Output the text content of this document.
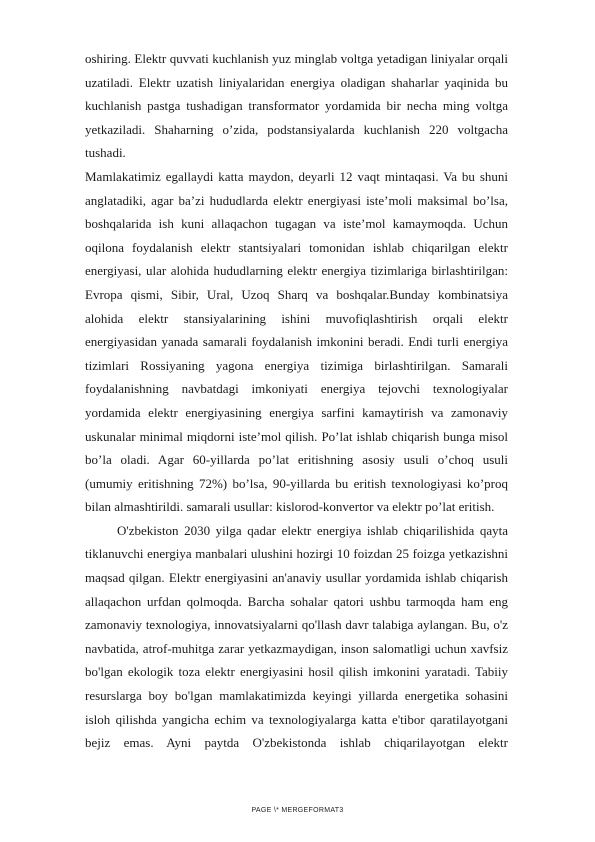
oshiring. Elektr quvvati kuchlanish yuz minglab voltga yetadigan liniyalar orqali
uzatiladi. Elektr uzatish liniyalaridan energiya oladigan shaharlar yaqinida bu
kuchlanish pastga tushadigan transformator yordamida bir necha ming voltga
yetkaziladi. Shaharning o’zida, podstansiyalarda kuchlanish 220 voltgacha
tushadi.
Mamlakatimiz egallaydi katta maydon, deyarli 12 vaqt mintaqasi. Va bu shuni
anglatadiki, agar ba’zi hududlarda elektr energiyasi iste’moli maksimal bo’lsa,
boshqalarida ish kuni allaqachon tugagan va iste’mol kamaymoqda. Uchun
oqilona foydalanish elektr stantsiyalari tomonidan ishlab chiqarilgan elektr
energiyasi, ular alohida hududlarning elektr energiya tizimlariga birlashtirilgan:
Evropa qismi, Sibir, Ural, Uzoq Sharq va boshqalar.Bunday kombinatsiya
alohida elektr stansiyalarining ishini muvofiqlashtirish orqali elektr
energiyasidan yanada samarali foydalanish imkonini beradi. Endi turli energiya
tizimlari Rossiyaning yagona energiya tizimiga birlashtirilgan. Samarali
foydalanishning navbatdagi imkoniyati energiya tejovchi texnologiyalar
yordamida elektr energiyasining energiya sarfini kamaytirish va zamonaviy
uskunalar minimal miqdorni iste’mol qilish. Po’lat ishlab chiqarish bunga misol
bo’la oladi. Agar 60-yillarda po’lat eritishning asosiy usuli o’choq usuli
(umumiy eritishning 72%) bo’lsa, 90-yillarda bu eritish texnologiyasi ko’proq
bilan almashtirildi. samarali usullar: kislorod-konvertor va elektr po’lat eritish.
O'zbekiston 2030 yilga qadar elektr energiya ishlab chiqarilishida qayta
tiklanuvchi energiya manbalari ulushini hozirgi 10 foizdan 25 foizga yetkazishni
maqsad qilgan. Elektr energiyasini an'anaviy usullar yordamida ishlab chiqarish
allaqachon urfdan qolmoqda. Barcha sohalar qatori ushbu tarmoqda ham eng
zamonaviy texnologiya, innovatsiyalarni qo'llash davr talabiga aylangan. Bu, o'z
navbatida, atrof-muhitga zarar yetkazmaydigan, inson salomatligi uchun xavfsiz
bo'lgan ekologik toza elektr energiyasini hosil qilish imkonini yaratadi. Tabiiy
resurslarga boy bo'lgan mamlakatimizda keyingi yillarda energetika sohasini
isloh qilishda yangicha echim va texnologiyalarga katta e'tibor qaratilayotgani
bejiz emas. Ayni paytda O'zbekistonda ishlab chiqarilayotgan elektr
PAGE \* MERGEFORMAT3
